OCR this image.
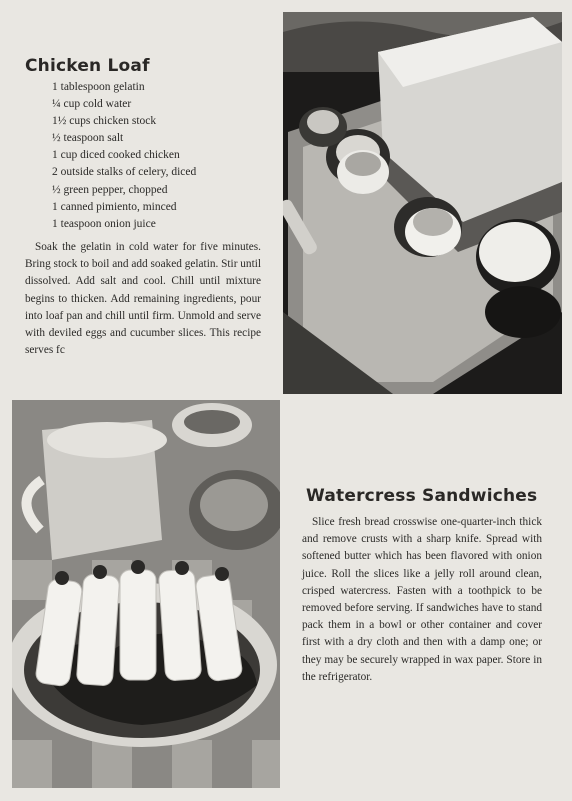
Chicken Loaf
1 tablespoon gelatin
¼ cup cold water
1½ cups chicken stock
½ teaspoon salt
1 cup diced cooked chicken
2 outside stalks of celery, diced
½ green pepper, chopped
1 canned pimiento, minced
1 teaspoon onion juice

Soak the gelatin in cold water for five minutes. Bring stock to boil and add soaked gelatin. Stir until dissolved. Add salt and cool. Chill until mixture begins to thicken. Add remaining ingredients, pour into loaf pan and chill until firm. Unmold and serve with deviled eggs and cucumber slices. This recipe serves fc

Watercress Sandwiches

Slice fresh bread crosswise one-quarter-inch thick and remove crusts with a sharp knife. Spread with softened butter which has been flavored with onion juice. Roll the slices like a jelly roll around clean, crisped watercress. Fasten with a toothpick to be removed before serving. If sandwiches have to stand pack them in a bowl or other container and cover first with a dry cloth and then with a damp one; or they may be securely wrapped in wax paper. Store in the refrigerator.
